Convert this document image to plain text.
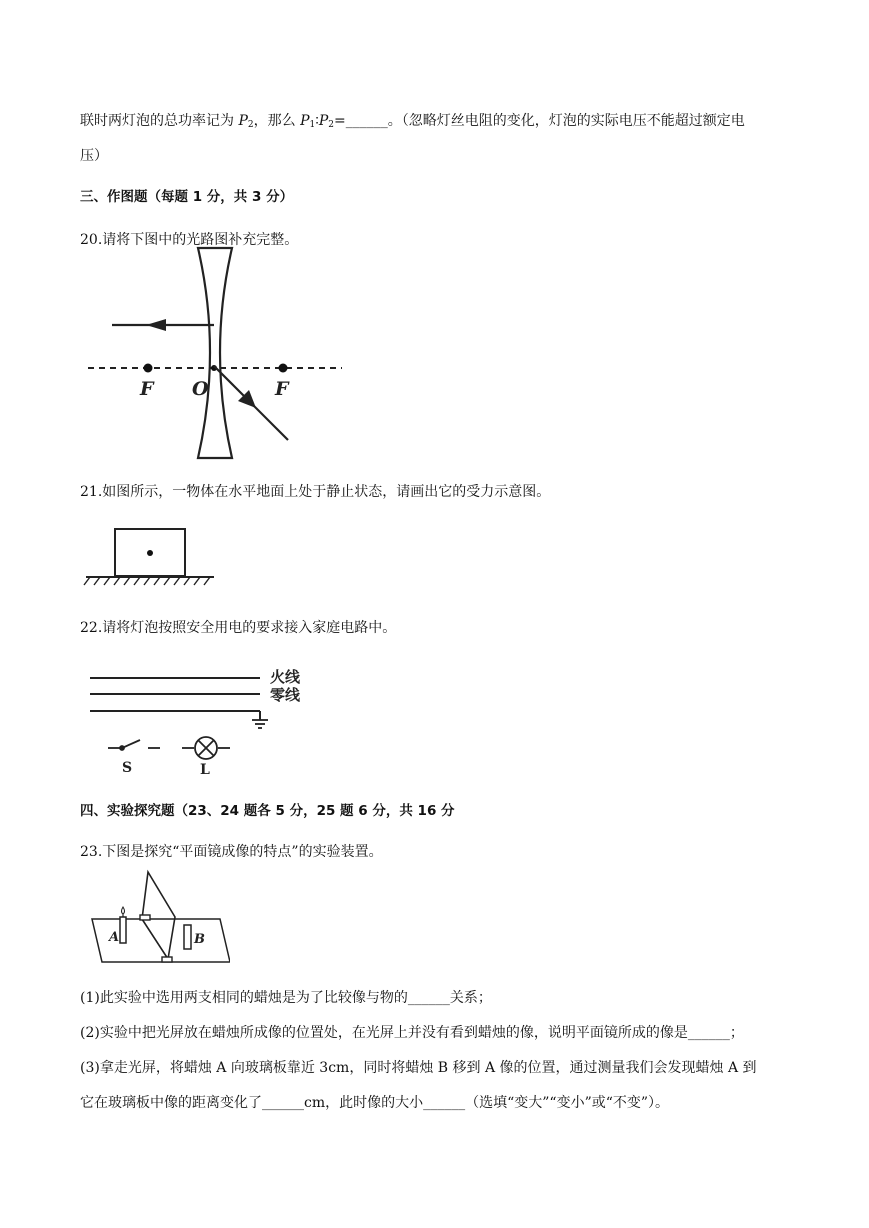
联时两灯泡的总功率记为 $P_2$，那么 $P_1∶P_2=\_\_\_\_\_\_$。（忽略灯丝电阻的变化，灯泡的实际电压不能超过额定电
压）
三、作图题（每题 1 分，共 3 分）
20.请将下图中的光路图补充完整。
F O	F
21.如图所示，一物体在水平地面上处于静止状态，请画出它的受力示意图。
22.请将灯泡按照安全用电的要求接入家庭电路中。
火线
零线
S	L
四、实验探究题（23、24 题各 5 分，25 题 6 分，共 16 分
23.下图是探究“平面镜成像的特点”的实验装置。
A	B
(1)此实验中选用两支相同的蜡烛是为了比较像与物的______关系；
(2)实验中把光屏放在蜡烛所成像的位置处，在光屏上并没有看到蜡烛的像，说明平面镜所成的像是______；
(3)拿走光屏，将蜡烛 A 向玻璃板靠近 3cm，同时将蜡烛 B 移到 A 像的位置，通过测量我们会发现蜡烛 A 到
它在玻璃板中像的距离变化了______cm，此时像的大小______（选填“变大”“变小”或“不变”）。
